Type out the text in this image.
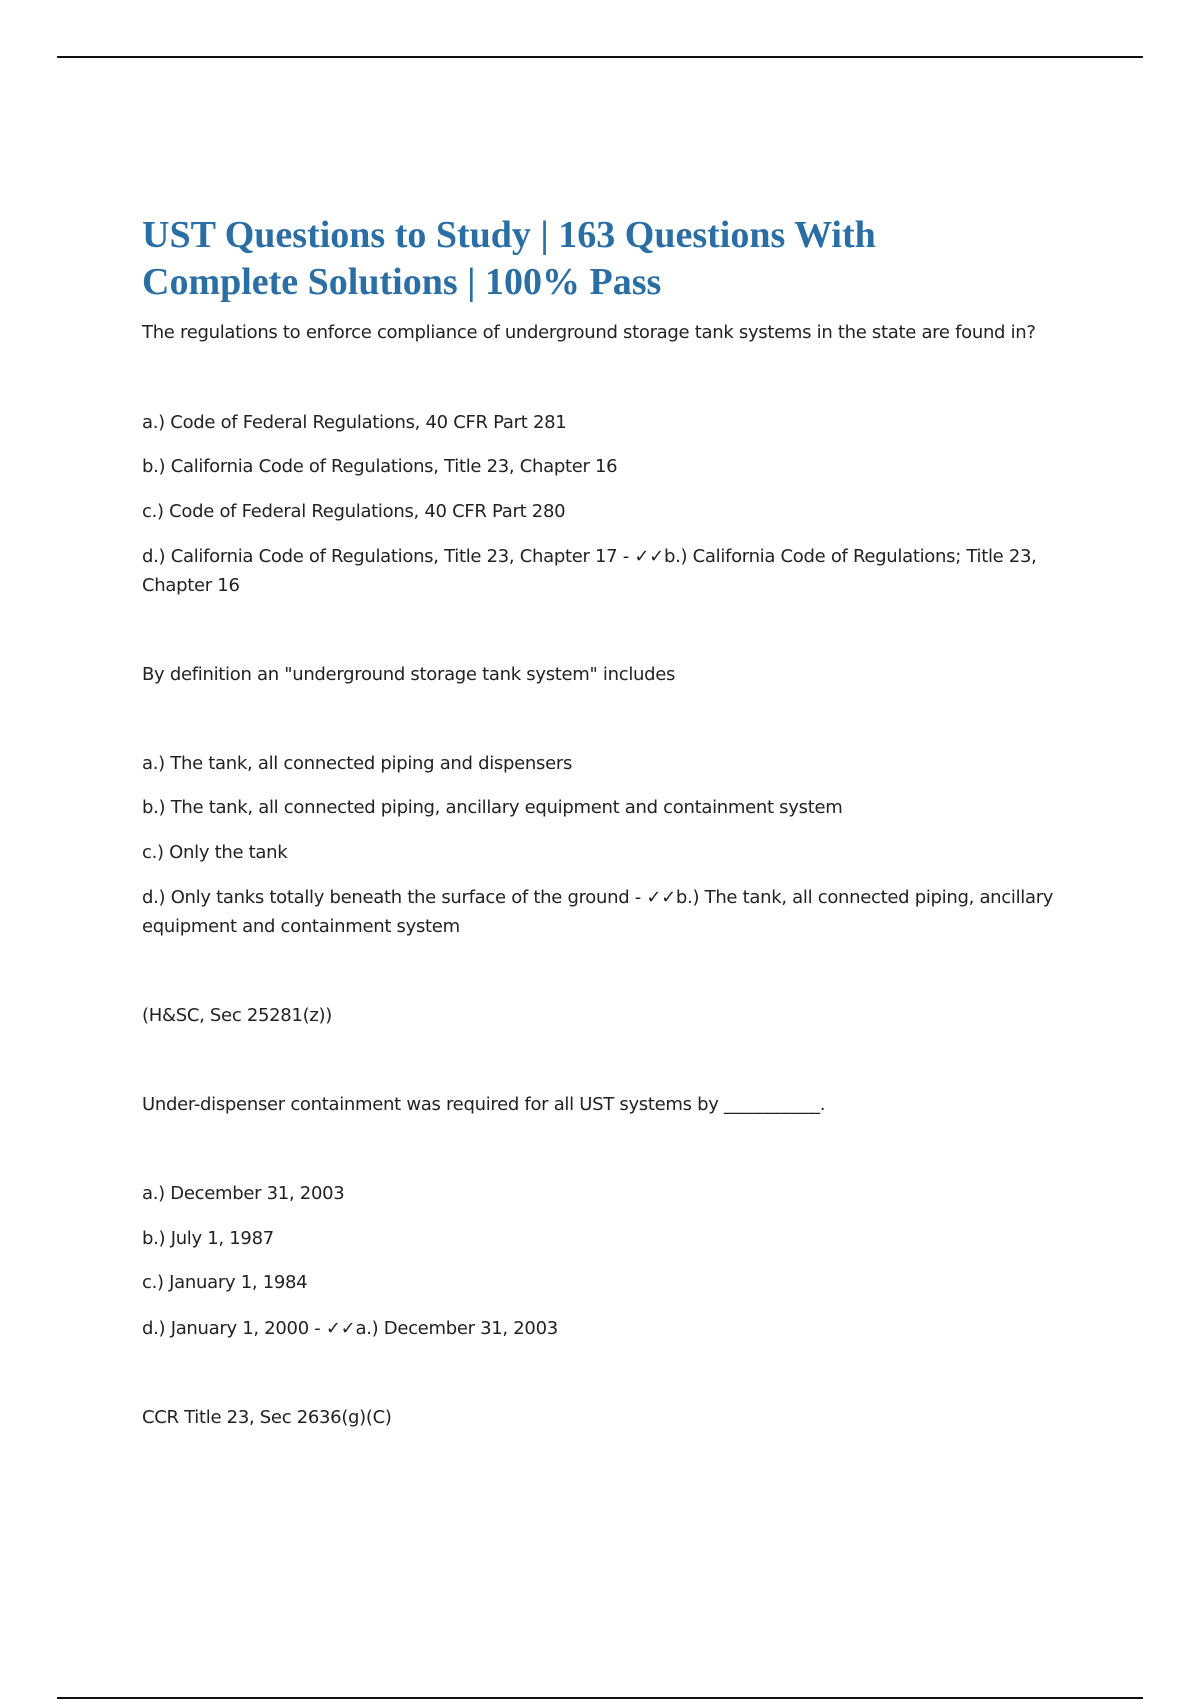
UST Questions to Study | 163 Questions With
Complete Solutions | 100% Pass

The regulations to enforce compliance of underground storage tank systems in the state are found in?

a.) Code of Federal Regulations, 40 CFR Part 281

b.) California Code of Regulations, Title 23, Chapter 16

c.) Code of Federal Regulations, 40 CFR Part 280

d.) California Code of Regulations, Title 23, Chapter 17 - ✓✓b.) California Code of Regulations; Title 23, Chapter 16

By definition an "underground storage tank system" includes

a.) The tank, all connected piping and dispensers

b.) The tank, all connected piping, ancillary equipment and containment system

c.) Only the tank

d.) Only tanks totally beneath the surface of the ground - ✓✓b.) The tank, all connected piping, ancillary equipment and containment system

(H&SC, Sec 25281(z))

Under-dispenser containment was required for all UST systems by ___________.

a.) December 31, 2003

b.) July 1, 1987

c.) January 1, 1984

d.) January 1, 2000 - ✓✓a.) December 31, 2003

CCR Title 23, Sec 2636(g)(C)
